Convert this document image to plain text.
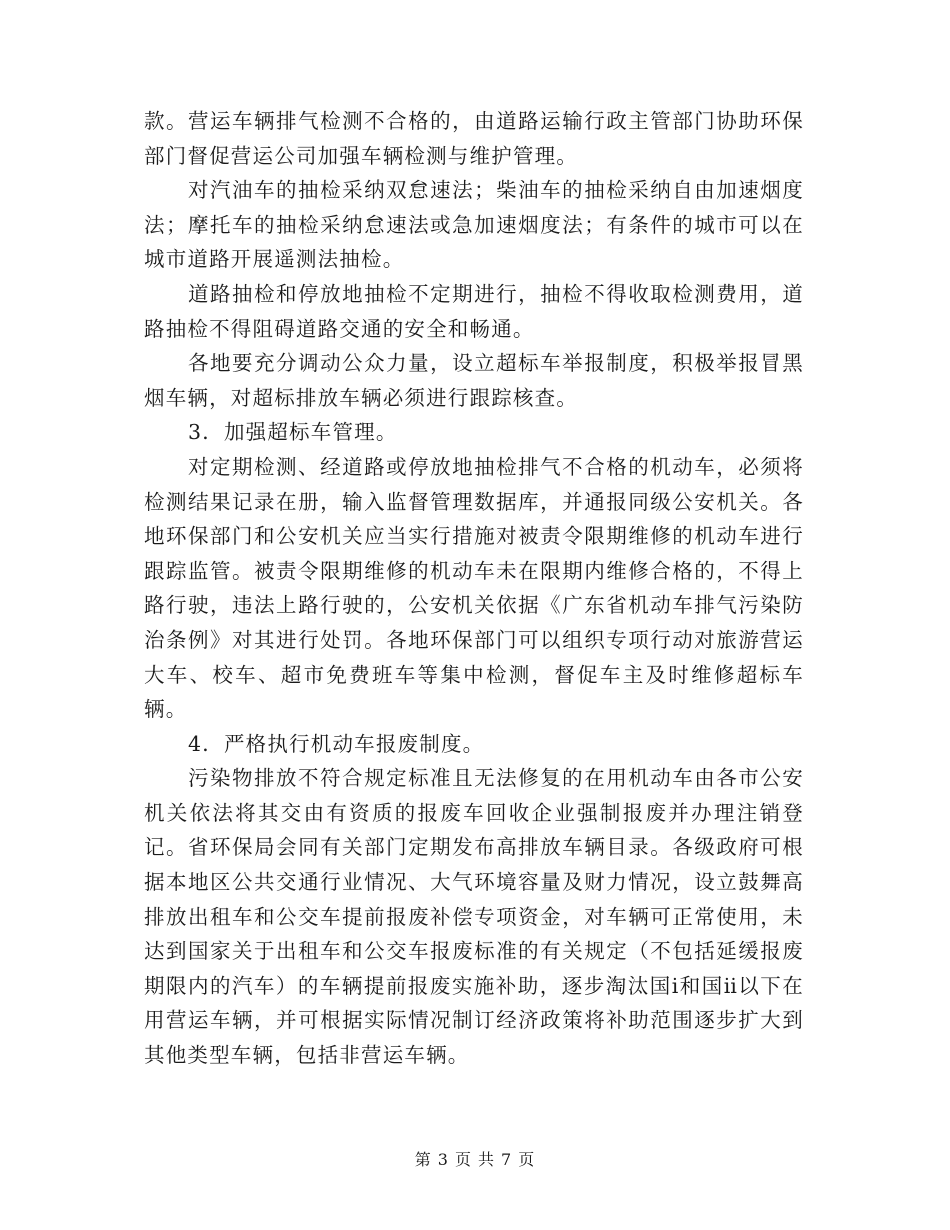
款。营运车辆排气检测不合格的，由道路运输行政主管部门协助环保部门督促营运公司加强车辆检测与维护管理。

对汽油车的抽检采纳双怠速法；柴油车的抽检采纳自由加速烟度法；摩托车的抽检采纳怠速法或急加速烟度法；有条件的城市可以在城市道路开展遥测法抽检。

道路抽检和停放地抽检不定期进行，抽检不得收取检测费用，道路抽检不得阻碍道路交通的安全和畅通。

各地要充分调动公众力量，设立超标车举报制度，积极举报冒黑烟车辆，对超标排放车辆必须进行跟踪核查。

3．加强超标车管理。

对定期检测、经道路或停放地抽检排气不合格的机动车，必须将检测结果记录在册，输入监督管理数据库，并通报同级公安机关。各地环保部门和公安机关应当实行措施对被责令限期维修的机动车进行跟踪监管。被责令限期维修的机动车未在限期内维修合格的，不得上路行驶，违法上路行驶的，公安机关依据《广东省机动车排气污染防治条例》对其进行处罚。各地环保部门可以组织专项行动对旅游营运大车、校车、超市免费班车等集中检测，督促车主及时维修超标车辆。

4．严格执行机动车报废制度。

污染物排放不符合规定标准且无法修复的在用机动车由各市公安机关依法将其交由有资质的报废车回收企业强制报废并办理注销登记。省环保局会同有关部门定期发布高排放车辆目录。各级政府可根据本地区公共交通行业情况、大气环境容量及财力情况，设立鼓舞高排放出租车和公交车提前报废补偿专项资金，对车辆可正常使用，未达到国家关于出租车和公交车报废标准的有关规定（不包括延缓报废期限内的汽车）的车辆提前报废实施补助，逐步淘汰国ⅰ和国ⅱ以下在用营运车辆，并可根据实际情况制订经济政策将补助范围逐步扩大到其他类型车辆，包括非营运车辆。

第 3 页 共 7 页
